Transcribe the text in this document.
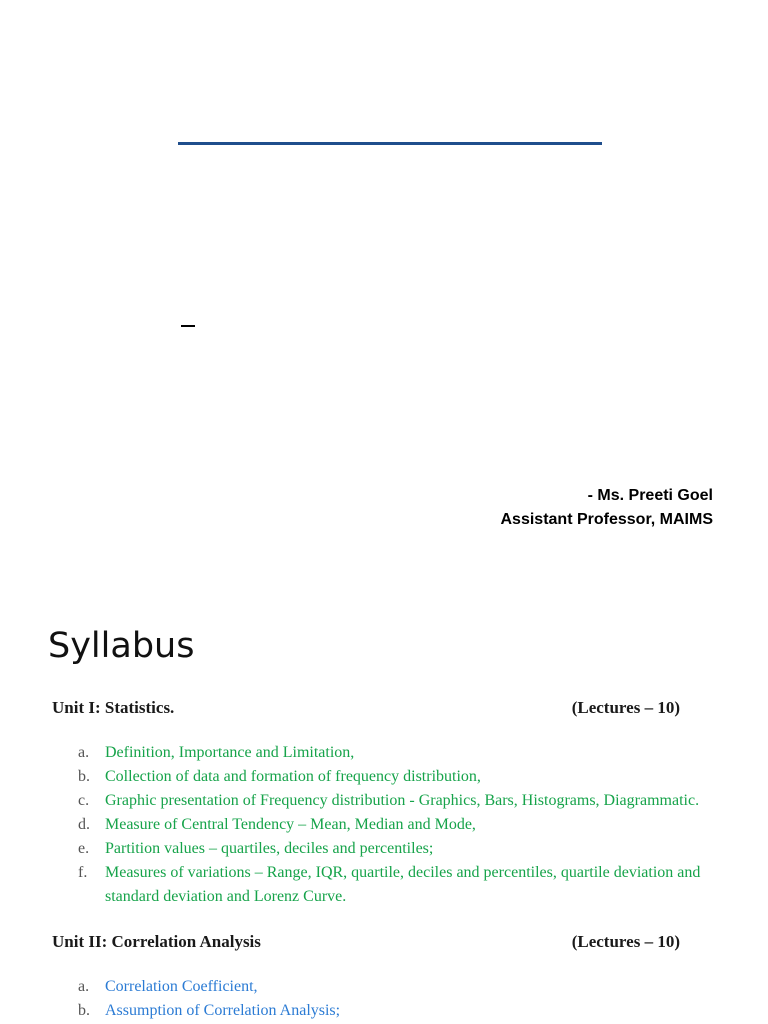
- Ms. Preeti Goel
Assistant Professor, MAIMS
Syllabus
Unit I: Statistics.	(Lectures – 10)
a. Definition, Importance and Limitation,
b. Collection of data and formation of frequency distribution,
c. Graphic presentation of Frequency distribution - Graphics, Bars, Histograms, Diagrammatic.
d. Measure of Central Tendency – Mean, Median and Mode,
e. Partition values – quartiles, deciles and percentiles;
f. Measures of variations – Range, IQR, quartile, deciles and percentiles, quartile deviation and standard deviation and Lorenz Curve.
Unit II: Correlation Analysis	(Lectures – 10)
a. Correlation Coefficient,
b. Assumption of Correlation Analysis;
